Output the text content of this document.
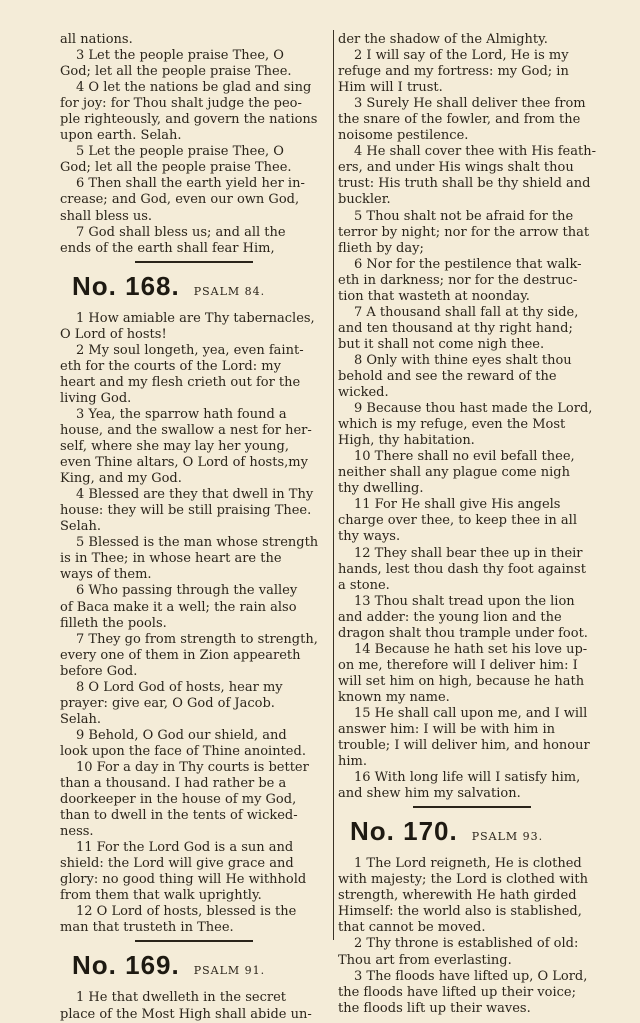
all nations.
3 Let the people praise Thee, O
God; let all the people praise Thee.
4 O let the nations be glad and sing
for joy: for Thou shalt judge the peo-
ple righteously, and govern the nations
upon earth. Selah.
5 Let the people praise Thee, O
God; let all the people praise Thee.
6 Then shall the earth yield her in-
crease; and God, even our own God,
shall bless us.
7 God shall bless us; and all the
ends of the earth shall fear Him,
No. 168. PSALM 84.
1 How amiable are Thy tabernacles,
O Lord of hosts!
2 My soul longeth, yea, even faint-
eth for the courts of the Lord: my
heart and my flesh crieth out for the
living God.
3 Yea, the sparrow hath found a
house, and the swallow a nest for her-
self, where she may lay her young,
even Thine altars, O Lord of hosts,my
King, and my God.
4 Blessed are they that dwell in Thy
house: they will be still praising Thee.
Selah.
5 Blessed is the man whose strength
is in Thee; in whose heart are the
ways of them.
6 Who passing through the valley
of Baca make it a well; the rain also
filleth the pools.
7 They go from strength to strength,
every one of them in Zion appeareth
before God.
8 O Lord God of hosts, hear my
prayer: give ear, O God of Jacob.
Selah.
9 Behold, O God our shield, and
look upon the face of Thine anointed.
10 For a day in Thy courts is better
than a thousand. I had rather be a
doorkeeper in the house of my God,
than to dwell in the tents of wicked-
ness.
11 For the Lord God is a sun and
shield: the Lord will give grace and
glory: no good thing will He withhold
from them that walk uprightly.
12 O Lord of hosts, blessed is the
man that trusteth in Thee.
No. 169. PSALM 91.
1 He that dwelleth in the secret
place of the Most High shall abide un-
der the shadow of the Almighty.
2 I will say of the Lord, He is my
refuge and my fortress: my God; in
Him will I trust.
3 Surely He shall deliver thee from
the snare of the fowler, and from the
noisome pestilence.
4 He shall cover thee with His feath-
ers, and under His wings shalt thou
trust: His truth shall be thy shield and
buckler.
5 Thou shalt not be afraid for the
terror by night; nor for the arrow that
flieth by day;
6 Nor for the pestilence that walk-
eth in darkness; nor for the destruc-
tion that wasteth at noonday.
7 A thousand shall fall at thy side,
and ten thousand at thy right hand;
but it shall not come nigh thee.
8 Only with thine eyes shalt thou
behold and see the reward of the
wicked.
9 Because thou hast made the Lord,
which is my refuge, even the Most
High, thy habitation.
10 There shall no evil befall thee,
neither shall any plague come nigh
thy dwelling.
11 For He shall give His angels
charge over thee, to keep thee in all
thy ways.
12 They shall bear thee up in their
hands, lest thou dash thy foot against
a stone.
13 Thou shalt tread upon the lion
and adder: the young lion and the
dragon shalt thou trample under foot.
14 Because he hath set his love up-
on me, therefore will I deliver him: I
will set him on high, because he hath
known my name.
15 He shall call upon me, and I will
answer him: I will be with him in
trouble; I will deliver him, and honour
him.
16 With long life will I satisfy him,
and shew him my salvation.
No. 170. PSALM 93.
1 The Lord reigneth, He is clothed
with majesty; the Lord is clothed with
strength, wherewith He hath girded
Himself: the world also is stablished,
that cannot be moved.
2 Thy throne is established of old:
Thou art from everlasting.
3 The floods have lifted up, O Lord,
the floods have lifted up their voice;
the floods lift up their waves.
